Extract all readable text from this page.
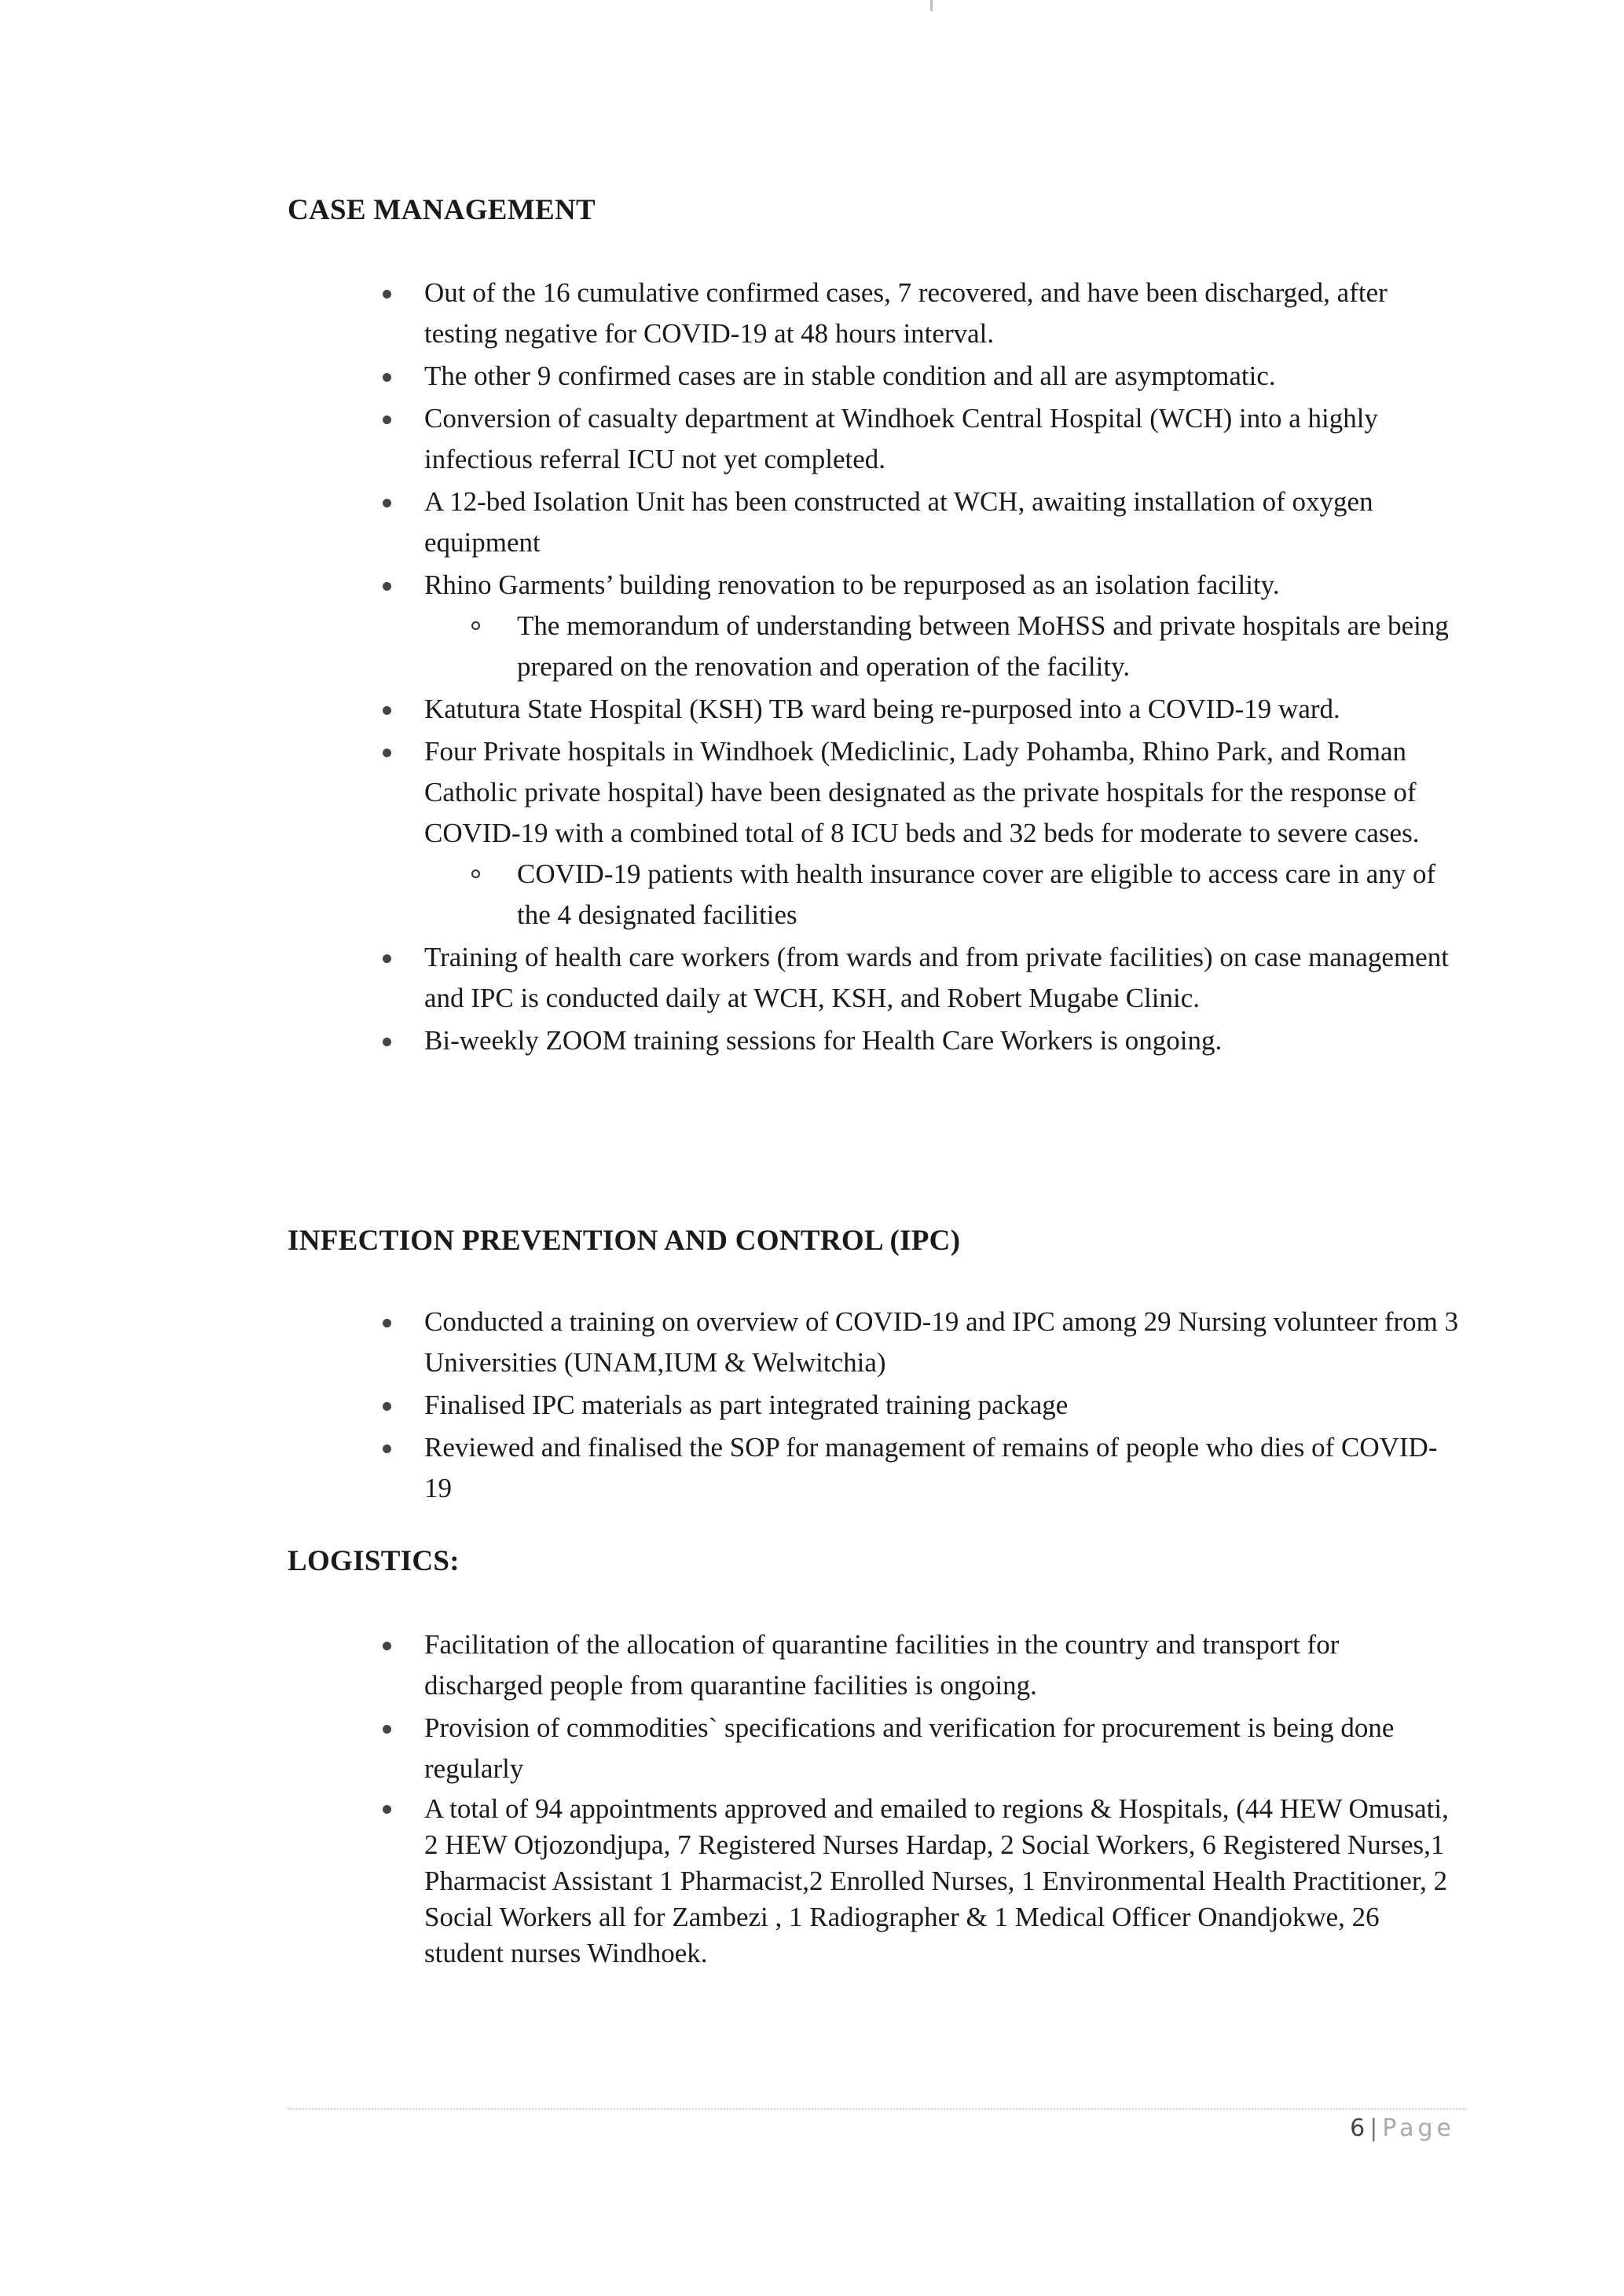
CASE MANAGEMENT
Out of the 16 cumulative confirmed cases, 7 recovered, and have been discharged, after testing negative for COVID-19 at 48 hours interval.
The other 9 confirmed cases are in stable condition and all are asymptomatic.
Conversion of casualty department at Windhoek Central Hospital (WCH) into a highly infectious referral ICU not yet completed.
A 12-bed Isolation Unit has been constructed at WCH, awaiting installation of oxygen equipment
Rhino Garments’ building renovation to be repurposed as an isolation facility.
The memorandum of understanding between MoHSS and private hospitals are being prepared on the renovation and operation of the facility.
Katutura State Hospital (KSH) TB ward being re-purposed into a COVID-19 ward.
Four Private hospitals in Windhoek (Mediclinic, Lady Pohamba, Rhino Park, and Roman Catholic private hospital) have been designated as the private hospitals for the response of COVID-19 with a combined total of 8 ICU beds and 32 beds for moderate to severe cases.
COVID-19 patients with health insurance cover are eligible to access care in any of the 4 designated facilities
Training of health care workers (from wards and from private facilities) on case management and IPC is conducted daily at WCH, KSH, and Robert Mugabe Clinic.
Bi-weekly ZOOM training sessions for Health Care Workers is ongoing.
INFECTION PREVENTION AND CONTROL (IPC)
Conducted a training on overview of COVID-19 and IPC among 29 Nursing volunteer from 3 Universities (UNAM,IUM & Welwitchia)
Finalised IPC materials as part integrated training package
Reviewed and finalised the SOP for management of remains of people who dies of COVID-19
LOGISTICS:
Facilitation of the allocation of quarantine facilities in the country and transport for discharged people from quarantine facilities is ongoing.
Provision of commodities` specifications and verification for procurement is being done regularly
A total of 94 appointments approved and emailed to regions & Hospitals, (44 HEW Omusati, 2 HEW Otjozondjupa, 7 Registered Nurses Hardap, 2 Social Workers, 6 Registered Nurses,1 Pharmacist Assistant 1 Pharmacist,2 Enrolled Nurses, 1 Environmental Health Practitioner, 2 Social Workers all for Zambezi , 1 Radiographer & 1 Medical Officer Onandjokwe, 26 student nurses Windhoek.
6 | Page
